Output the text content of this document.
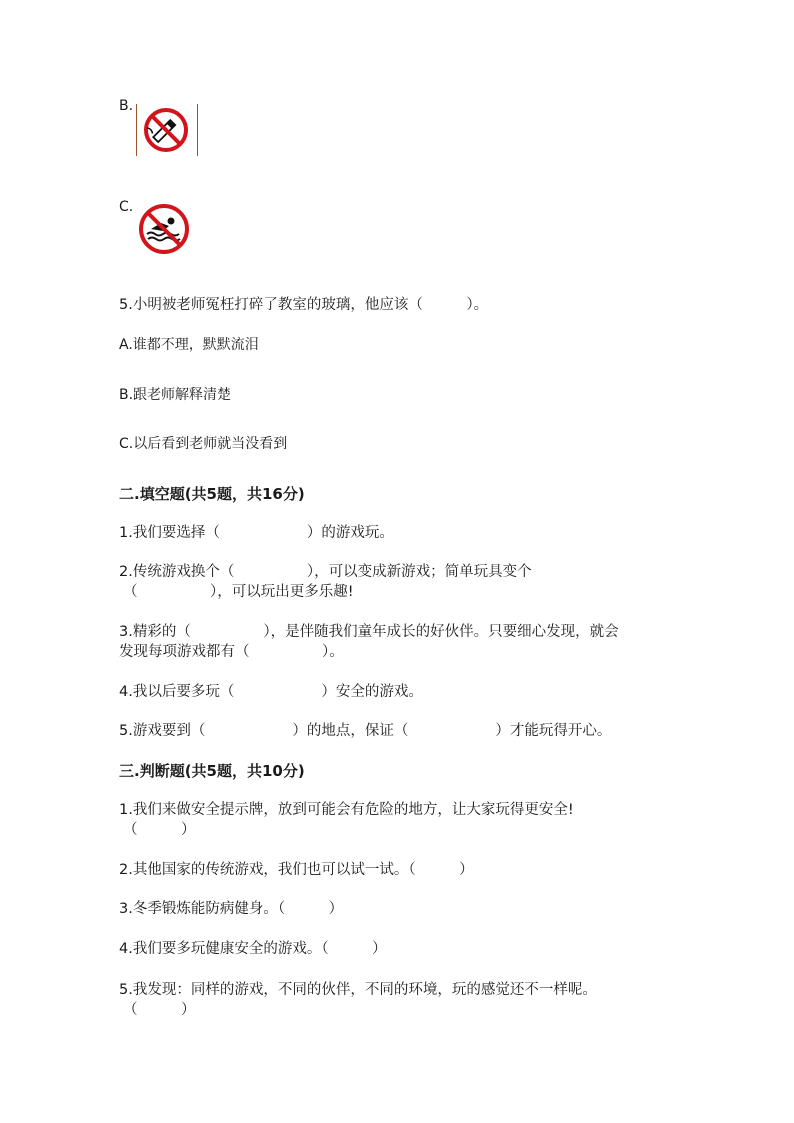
B.
C.
5.小明被老师冤枉打碎了教室的玻璃，他应该（　　　）。
A.谁都不理，默默流泪
B.跟老师解释清楚
C.以后看到老师就当没看到
二.填空题(共5题，共16分)
1.我们要选择（　　　　　　）的游戏玩。
2.传统游戏换个（　　　　　），可以变成新游戏；简单玩具变个
（　　　　　），可以玩出更多乐趣!
3.精彩的（　　　　　），是伴随我们童年成长的好伙伴。只要细心发现，就会
发现每项游戏都有（　　　　　）。
4.我以后要多玩（　　　　　　）安全的游戏。
5.游戏要到（　　　　　　）的地点，保证（　　　　　　）才能玩得开心。
三.判断题(共5题，共10分)
1.我们来做安全提示牌，放到可能会有危险的地方，让大家玩得更安全!
（　　　）
2.其他国家的传统游戏，我们也可以试一试。（　　　）
3.冬季锻炼能防病健身。（　　　）
4.我们要多玩健康安全的游戏。（　　　）
5.我发现：同样的游戏，不同的伙伴，不同的环境，玩的感觉还不一样呢。
（　　　）
